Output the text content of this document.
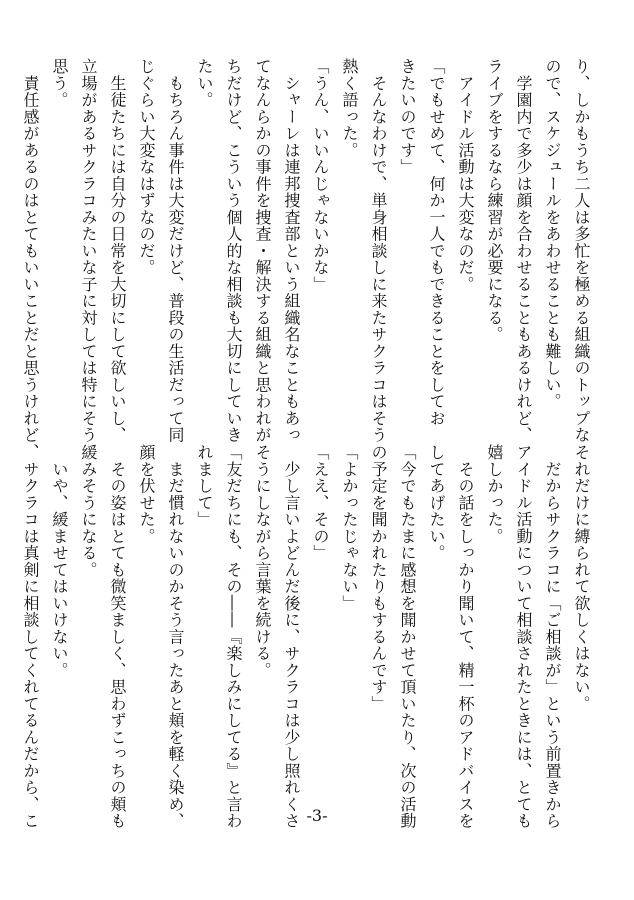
り、しかもうち二人は多忙を極める組織のトップな
ので、スケジュールをあわせることも難しい。
　学園内で多少は顔を合わせることもあるけれど、
ライブをするなら練習が必要になる。
　アイドル活動は大変なのだ。
「でもせめて、何か一人でもできることをしてお
きたいのです」
　そんなわけで、単身相談しに来たサクラコはそう
熱く語った。
「うん、いいんじゃないかな」
　シャーレは連邦捜査部という組織名なこともあっ
てなんらかの事件を捜査・解決する組織と思われが
ちだけど、こういう個人的な相談も大切にしていき
たい。
　もちろん事件は大変だけど、普段の生活だって同
じぐらい大変なはずなのだ。
　生徒たちには自分の日常を大切にして欲しいし、
立場があるサクラコみたいな子に対しては特にそう
思う。
　責任感があるのはとてもいいことだと思うけれど、
それだけに縛られて欲しくはない。
　だからサクラコに「ご相談が」という前置きから
アイドル活動について相談されたときには、とても
嬉しかった。
　その話をしっかり聞いて、精一杯のアドバイスを
してあげたい。
「今でもたまに感想を聞かせて頂いたり、次の活動
の予定を聞かれたりもするんです」
「よかったじゃない」
「ええ、その」
　少し言いよどんだ後に、サクラコは少し照れくさ
そうにしながら言葉を続ける。
「友だちにも、その――『楽しみにしてる』と言わ
れまして」
　まだ慣れないのかそう言ったあと頬を軽く染め、
顔を伏せた。
　その姿はとても微笑ましく、思わずこっちの頬も
緩みそうになる。
　いや、緩ませてはいけない。
　サクラコは真剣に相談してくれてるんだから、こ	-3-
